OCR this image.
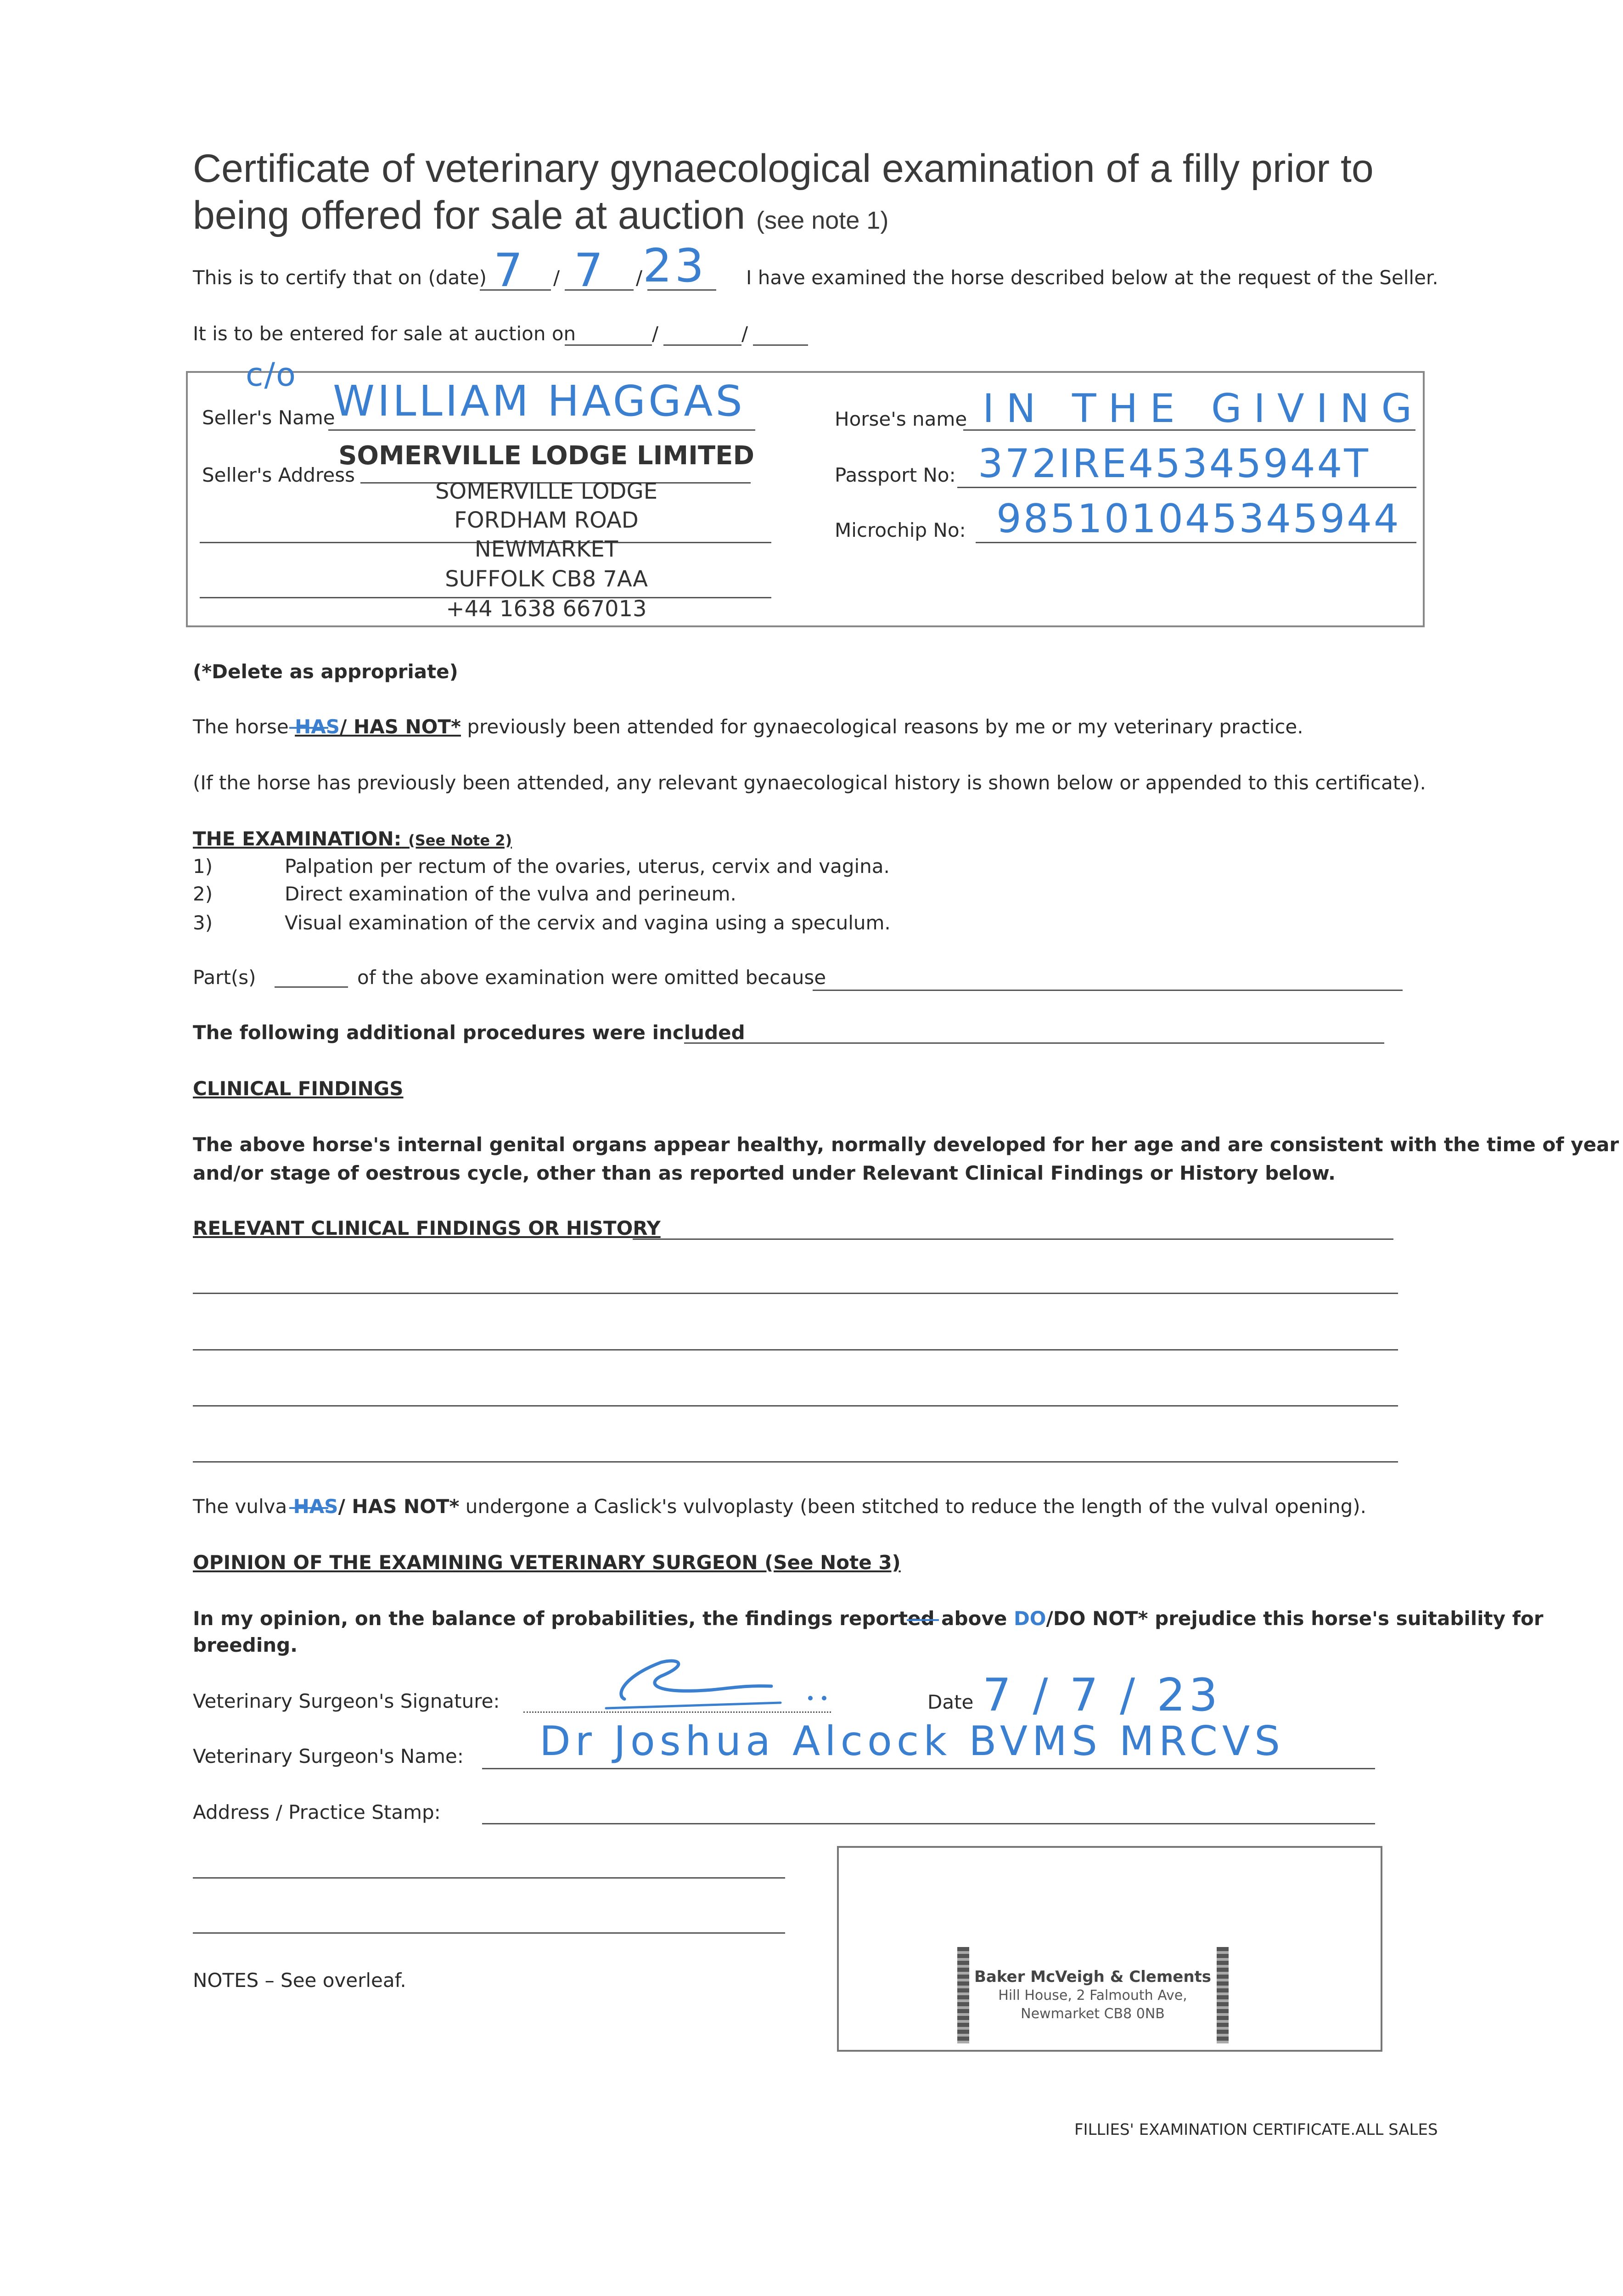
Certificate of veterinary gynaecological examination of a filly prior to
being offered for sale at auction (see note 1)
This is to certify that on (date) 7 / 7 / 23 I have examined the horse described below at the request of the Seller.
It is to be entered for sale at auction on	/	/
c/o
Seller's Name
WILLIAM HAGGAS
Seller's Address
SOMERVILLE LODGE LIMITED
SOMERVILLE LODGE
FORDHAM ROAD
NEWMARKET
SUFFOLK CB8 7AA
+44 1638 667013
Horse's name IN THE GIVING
Passport No: 372IRE45345944T
Microchip No: 985101045345944
(*Delete as appropriate)
The horse HAS/ HAS NOT* previously been attended for gynaecological reasons by me or my veterinary practice.
(If the horse has previously been attended, any relevant gynaecological history is shown below or appended to this certificate).
THE EXAMINATION: (See Note 2)
1)	Palpation per rectum of the ovaries, uterus, cervix and vagina.
2)	Direct examination of the vulva and perineum.
3)	Visual examination of the cervix and vagina using a speculum.
Part(s)	of the above examination were omitted because
The following additional procedures were included
CLINICAL FINDINGS
The above horse's internal genital organs appear healthy, normally developed for her age and are consistent with the time of year
and/or stage of oestrous cycle, other than as reported under Relevant Clinical Findings or History below.
RELEVANT CLINICAL FINDINGS OR HISTORY
The vulva HAS/ HAS NOT* undergone a Caslick's vulvoplasty (been stitched to reduce the length of the vulval opening).
OPINION OF THE EXAMINING VETERINARY SURGEON (See Note 3)
In my opinion, on the balance of probabilities, the findings reported above DO/DO NOT* prejudice this horse's suitability for
breeding.
Veterinary Surgeon's Signature:	Date 7 / 7 / 23
Veterinary Surgeon's Name: Dr Joshua Alcock BVMS MRCVS
Address / Practice Stamp:
NOTES – See overleaf.	Baker McVeigh & Clements
Hill House, 2 Falmouth Ave,
Newmarket CB8 0NB
FILLIES' EXAMINATION CERTIFICATE.ALL SALES
